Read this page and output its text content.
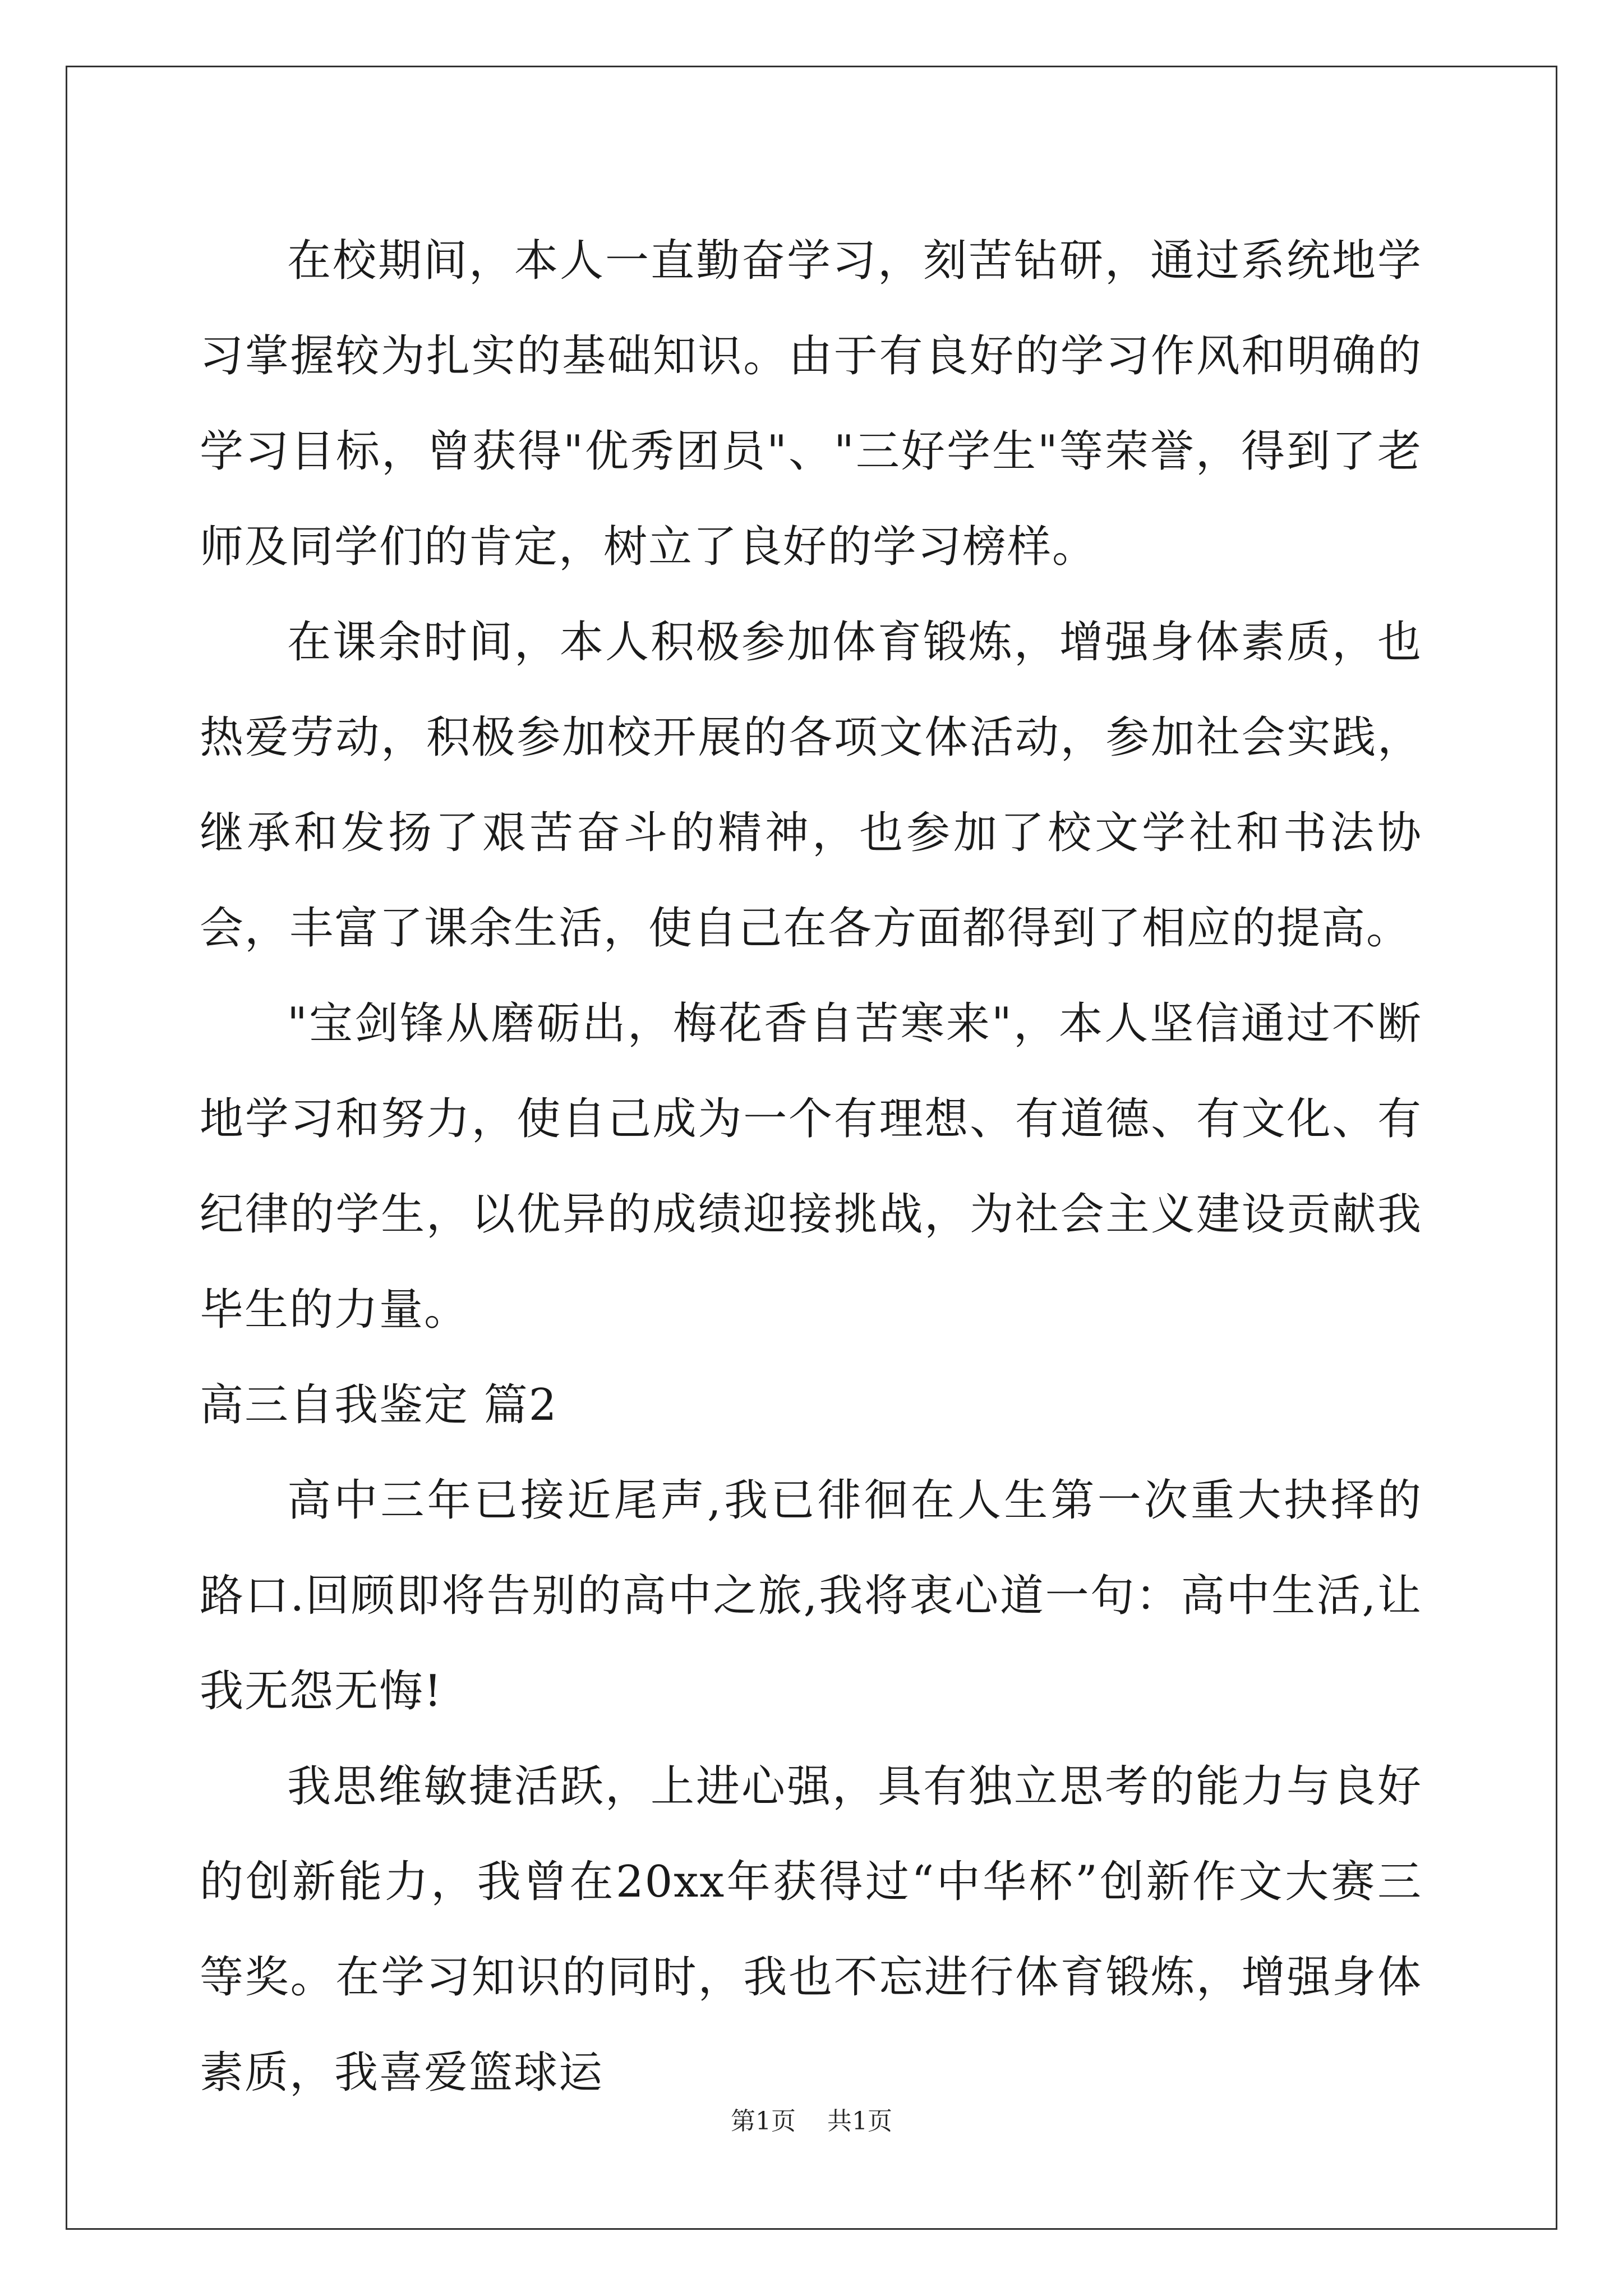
在校期间，本人一直勤奋学习，刻苦钻研，通过系统地学习掌握较为扎实的基础知识。由于有良好的学习作风和明确的学习目标，曾获得"优秀团员"、"三好学生"等荣誉，得到了老师及同学们的肯定，树立了良好的学习榜样。

在课余时间，本人积极参加体育锻炼，增强身体素质，也热爱劳动，积极参加校开展的各项文体活动，参加社会实践，继承和发扬了艰苦奋斗的精神，也参加了校文学社和书法协会，丰富了课余生活，使自己在各方面都得到了相应的提高。

"宝剑锋从磨砺出，梅花香自苦寒来"，本人坚信通过不断地学习和努力，使自己成为一个有理想、有道德、有文化、有纪律的学生，以优异的成绩迎接挑战，为社会主义建设贡献我毕生的力量。

高三自我鉴定 篇2

高中三年已接近尾声,我已徘徊在人生第一次重大抉择的路口.回顾即将告别的高中之旅,我将衷心道一句：高中生活,让我无怨无悔!

我思维敏捷活跃，上进心强，具有独立思考的能力与良好的创新能力，我曾在20xx年获得过“中华杯”创新作文大赛三等奖。在学习知识的同时，我也不忘进行体育锻炼，增强身体素质，我喜爱篮球运

第1页 共1页
